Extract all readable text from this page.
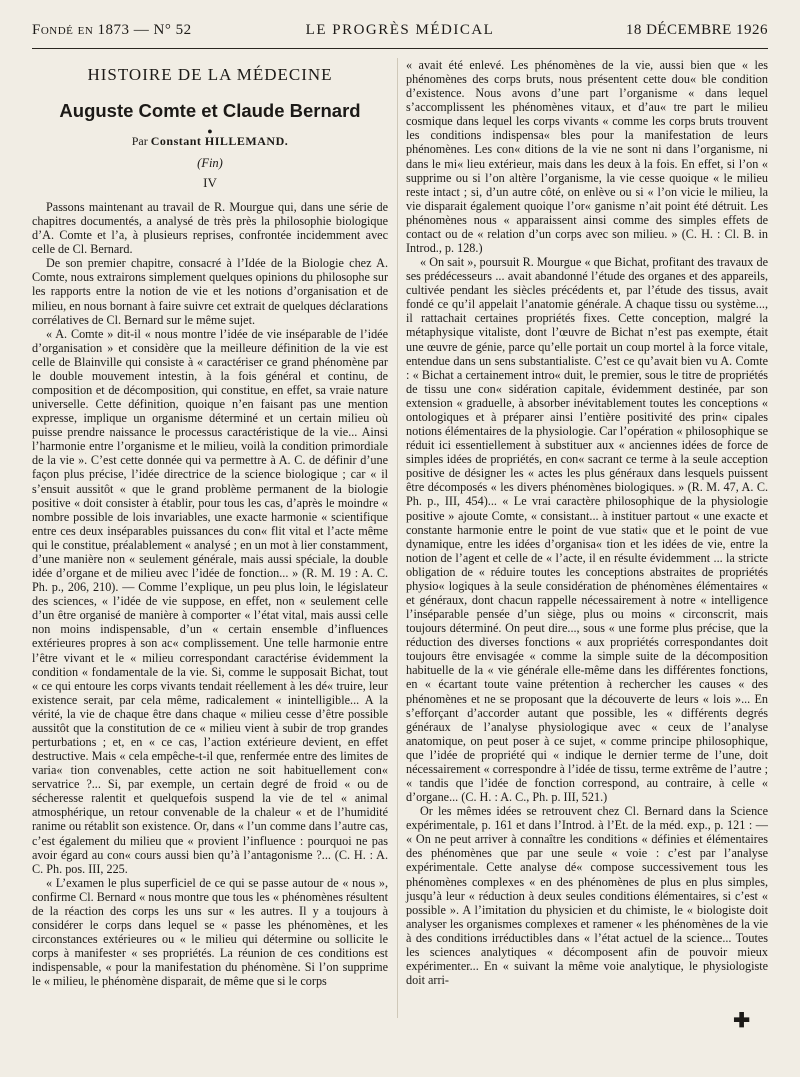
Fondé en 1873 — N° 52	LE PROGRÈS MÉDICAL	18 DÉCEMBRE 1926
HISTOIRE DE LA MÉDECINE
Auguste Comte et Claude Bernard
●
Par Constant HILLEMAND.
(Fin)
IV

Passons maintenant au travail de R. Mourgue qui, dans une série de chapitres documentés, a analysé de très près la philosophie biologique d’A. Comte et l’a, à plusieurs reprises, confrontée incidemment avec celle de Cl. Bernard.

De son premier chapitre, consacré à l’Idée de la Biologie chez A. Comte, nous extrairons simplement quelques opinions du philosophe sur les rapports entre la notion de vie et les notions d’organisation et de milieu, en nous bornant à faire suivre cet extrait de quelques déclarations corrélatives de Cl. Bernard sur le même sujet.

« A. Comte » dit-il « nous montre l’idée de vie inséparable de l’idée d’organisation » et considère que la meilleure définition de la vie est celle de Blainville qui consiste à « caractériser ce grand phénomène par le double mouvement intestin, à la fois général et continu, de composition et de décomposition, qui constitue, en effet, sa vraie nature universelle. Cette définition, quoique n’en faisant pas une mention expresse, implique un organisme déterminé et un certain milieu où puisse prendre naissance le processus caractéristique de la vie... Ainsi l’harmonie entre l’organisme et le milieu, voilà la condition primordiale de la vie ». C’est cette donnée qui va permettre à A. C. de définir d’une façon plus précise, l’idée directrice de la science biologique ; car « il s’ensuit aussitôt « que le grand problème permanent de la biologie positive « doit consister à établir, pour tous les cas, d’après le moindre « nombre possible de lois invariables, une exacte harmonie « scientifique entre ces deux inséparables puissances du con« flit vital et l’acte même qui le constitue, préalablement « analysé ; en un mot à lier constamment, d’une manière non « seulement générale, mais aussi spéciale, la double idée d’organe et de milieu avec l’idée de fonction... » (R. M. 19 : A. C. Ph. p., 206, 210). — Comme l’explique, un peu plus loin, le législateur des sciences, « l’idée de vie suppose, en effet, non « seulement celle d’un être organisé de manière à comporter « l’état vital, mais aussi celle non moins indispensable, d’un « certain ensemble d’influences extérieures propres à son ac« complissement. Une telle harmonie entre l’être vivant et le « milieu correspondant caractérise évidemment la condition « fondamentale de la vie. Si, comme le supposait Bichat, tout « ce qui entoure les corps vivants tendait réellement à les dé« truire, leur existence serait, par cela même, radicalement « inintelligible... A la vérité, la vie de chaque être dans chaque « milieu cesse d’être possible aussitôt que la constitution de ce « milieu vient à subir de trop grandes perturbations ; et, en « ce cas, l’action extérieure devient, en effet destructive. Mais « cela empêche-t-il que, renfermée entre des limites de varia« tion convenables, cette action ne soit habituellement con« servatrice ?... Si, par exemple, un certain degré de froid « ou de sécheresse ralentit et quelquefois suspend la vie de tel « animal atmosphérique, un retour convenable de la chaleur « et de l’humidité ranime ou rétablit son existence. Or, dans « l’un comme dans l’autre cas, c’est également du milieu que « provient l’influence : pourquoi ne pas avoir égard au con« cours aussi bien qu’à l’antagonisme ?... (C. H. : A. C. Ph. pos. III, 225.

« L’examen le plus superficiel de ce qui se passe autour de « nous », confirme Cl. Bernard « nous montre que tous les « phénomènes résultent de la réaction des corps les uns sur « les autres. Il y a toujours à considérer le corps dans lequel se « passe les phénomènes, et les circonstances extérieures ou « le milieu qui détermine ou sollicite le corps à manifester « ses propriétés. La réunion de ces conditions est indispensable, « pour la manifestation du phénomène. Si l’on supprime le « milieu, le phénomène disparait, de même que si le corps

« avait été enlevé. Les phénomènes de la vie, aussi bien que « les phénomènes des corps bruts, nous présentent cette dou« ble condition d’existence. Nous avons d’une part l’organisme « dans lequel s’accomplissent les phénomènes vitaux, et d’au« tre part le milieu cosmique dans lequel les corps vivants « comme les corps bruts trouvent les conditions indispensa« bles pour la manifestation de leurs phénomènes. Les con« ditions de la vie ne sont ni dans l’organisme, ni dans le mi« lieu extérieur, mais dans les deux à la fois. En effet, si l’on « supprime ou si l’on altère l’organisme, la vie cesse quoique « le milieu reste intact ; si, d’un autre côté, on enlève ou si « l’on vicie le milieu, la vie disparait également quoique l’or« ganisme n’ait point été détruit. Les phénomènes nous « apparaissent ainsi comme des simples effets de contact ou de « relation d’un corps avec son milieu. » (C. H. : Cl. B. in Introd., p. 128.)

« On sait », poursuit R. Mourgue « que Bichat, profitant des travaux de ses prédécesseurs ... avait abandonné l’étude des organes et des appareils, cultivée pendant les siècles précédents et, par l’étude des tissus, avait fondé ce qu’il appelait l’anatomie générale. A chaque tissu ou système..., il rattachait certaines propriétés fixes. Cette conception, malgré la métaphysique vitaliste, dont l’œuvre de Bichat n’est pas exempte, était une œuvre de génie, parce qu’elle portait un coup mortel à la force vitale, entendue dans un sens substantialiste. C’est ce qu’avait bien vu A. Comte : « Bichat a certainement intro« duit, le premier, sous le titre de propriétés de tissu une con« sidération capitale, évidemment destinée, par son extension « graduelle, à absorber inévitablement toutes les conceptions « ontologiques et à préparer ainsi l’entière positivité des prin« cipales notions élémentaires de la physiologie. Car l’opération « philosophique se réduit ici essentiellement à substituer aux « anciennes idées de force de simples idées de propriétés, en con« sacrant ce terme à la seule acception positive de désigner les « actes les plus généraux dans lesquels puissent être décomposés « les divers phénomènes biologiques. » (R. M. 47, A. C. Ph. p., III, 454)... « Le vrai caractère philosophique de la physiologie positive » ajoute Comte, « consistant... à instituer partout « une exacte et constante harmonie entre le point de vue stati« que et le point de vue dynamique, entre les idées d’organisa« tion et les idées de vie, entre la notion de l’agent et celle de « l’acte, il en résulte évidemment ... la stricte obligation de « réduire toutes les conceptions abstraites de propriétés physio« logiques à la seule considération de phénomènes élémentaires « et généraux, dont chacun rappelle nécessairement à notre « intelligence l’inséparable pensée d’un siège, plus ou moins « circonscrit, mais toujours déterminé. On peut dire..., sous « une forme plus précise, que la réduction des diverses fonctions « aux propriétés correspondantes doit toujours être envisagée « comme la simple suite de la décomposition habituelle de la « vie générale elle-même dans les différentes fonctions, en « écartant toute vaine prétention à rechercher les causes « des phénomènes et ne se proposant que la découverte de leurs « lois »... En s’efforçant d’accorder autant que possible, les « différents degrés généraux de l’analyse physiologique avec « ceux de l’analyse anatomique, on peut poser à ce sujet, « comme principe philosophique, que l’idée de propriété qui « indique le dernier terme de l’une, doit nécessairement « correspondre à l’idée de tissu, terme extrême de l’autre ; « tandis que l’idée de fonction correspond, au contraire, à celle « d’organe... (C. H. : A. C., Ph. p. III, 521.)

Or les mêmes idées se retrouvent chez Cl. Bernard dans la Science expérimentale, p. 161 et dans l’Introd. à l’Et. de la méd. exp., p. 121 : — « On ne peut arriver à connaître les conditions « définies et élémentaires des phénomènes que par une seule « voie : c’est par l’analyse expérimentale. Cette analyse dé« compose successivement tous les phénomènes complexes « en des phénomènes de plus en plus simples, jusqu’à leur « réduction à deux seules conditions élémentaires, si c’est « possible ». A l’imitation du physicien et du chimiste, le « biologiste doit analyser les organismes complexes et ramener « les phénomènes de la vie à des conditions irréductibles dans « l’état actuel de la science... Toutes les sciences analytiques « décomposent afin de pouvoir mieux expérimenter... En « suivant la même voie analytique, le physiologiste doit arri-

✚
